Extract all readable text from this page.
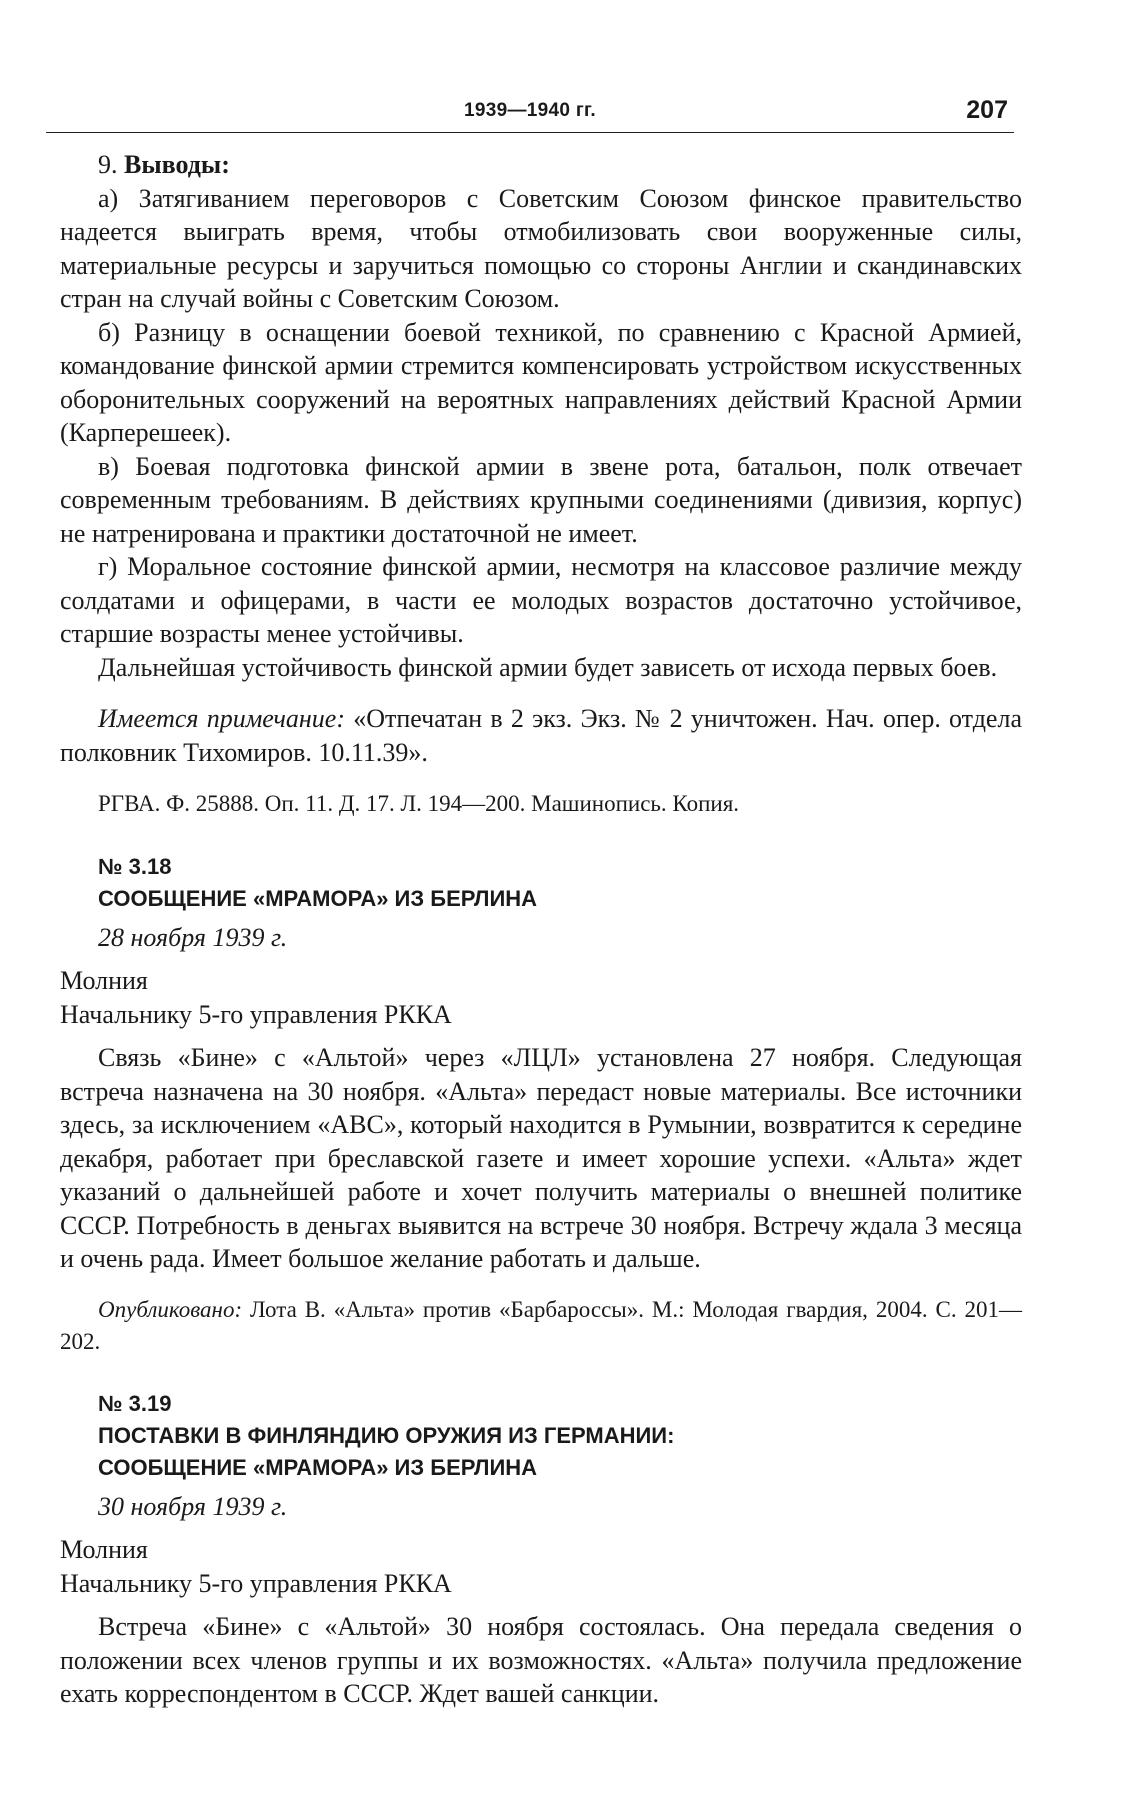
1939—1940 гг.	207

9. Выводы:

а) Затягиванием переговоров с Советским Союзом финское правительство надеется выиграть время, чтобы отмобилизовать свои вооруженные силы, материальные ресурсы и заручиться помощью со стороны Англии и скандинавских стран на случай войны с Советским Союзом.

б) Разницу в оснащении боевой техникой, по сравнению с Красной Армией, командование финской армии стремится компенсировать устройством искусственных оборонительных сооружений на вероятных направлениях действий Красной Армии (Карперешеек).

в) Боевая подготовка финской армии в звене рота, батальон, полк отвечает современным требованиям. В действиях крупными соединениями (дивизия, корпус) не натренирована и практики достаточной не имеет.

г) Моральное состояние финской армии, несмотря на классовое различие между солдатами и офицерами, в части ее молодых возрастов достаточно устойчивое, старшие возрасты менее устойчивы.

Дальнейшая устойчивость финской армии будет зависеть от исхода первых боев.

Имеется примечание: «Отпечатан в 2 экз. Экз. № 2 уничтожен. Нач. опер. отдела полковник Тихомиров. 10.11.39».

РГВА. Ф. 25888. Оп. 11. Д. 17. Л. 194—200. Машинопись. Копия.

№ 3.18
СООБЩЕНИЕ «МРАМОРА» ИЗ БЕРЛИНА

28 ноября 1939 г.

Молния

Начальнику 5-го управления РККА

Связь «Бине» с «Альтой» через «ЛЦЛ» установлена 27 ноября. Следующая встреча назначена на 30 ноября. «Альта» передаст новые материалы. Все источники здесь, за исключением «АВС», который находится в Румынии, возвратится к середине декабря, работает при бреславской газете и имеет хорошие успехи. «Альта» ждет указаний о дальнейшей работе и хочет получить материалы о внешней политике СССР. Потребность в деньгах выявится на встрече 30 ноября. Встречу ждала 3 месяца и очень рада. Имеет большое желание работать и дальше.

Опубликовано: Лота В. «Альта» против «Барбароссы». М.: Молодая гвардия, 2004. С. 201—202.

№ 3.19
ПОСТАВКИ В ФИНЛЯНДИЮ ОРУЖИЯ ИЗ ГЕРМАНИИ:
СООБЩЕНИЕ «МРАМОРА» ИЗ БЕРЛИНА

30 ноября 1939 г.

Молния

Начальнику 5-го управления РККА

Встреча «Бине» с «Альтой» 30 ноября состоялась. Она передала сведения о положении всех членов группы и их возможностях. «Альта» получила предложение ехать корреспондентом в СССР. Ждет вашей санкции.
